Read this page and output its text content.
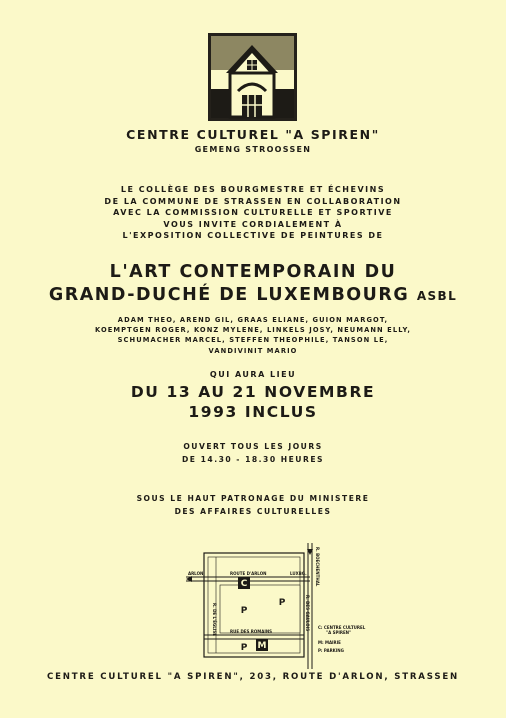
CENTRE CULTUREL "A SPIREN"
GEMENG STROOSSEN
LE COLLÈGE DES BOURGMESTRE ET ÉCHEVINS
DE LA COMMUNE DE STRASSEN EN COLLABORATION
AVEC LA COMMISSION CULTURELLE ET SPORTIVE
VOUS INVITE CORDIALEMENT À
L'EXPOSITION COLLECTIVE DE PEINTURES DE
L'ART CONTEMPORAIN DU
GRAND-DUCHÉ DE LUXEMBOURG ASBL
ADAM THEO, AREND GIL, GRAAS ELIANE, GUION MARGOT,
KOEMPTGEN ROGER, KONZ MYLENE, LINKELS JOSY, NEUMANN ELLY,
SCHUMACHER MARCEL, STEFFEN THEOPHILE, TANSON LE,
VANDIVINIT MARIO
QUI AURA LIEU
DU 13 AU 21 NOVEMBRE
1993 INCLUS
OUVERT TOUS LES JOURS
DE 14.30 - 18.30 HEURES
SOUS LE HAUT PATRONAGE DU MINISTERE
DES AFFAIRES CULTURELLES
C
P
P
P M
ARLON	ROUTE D'ARLON	LUXBG.
RUE DES ROMAINS
R. DE L'ÉGLISE	R. DES GAULOIS
R. BOECHENTHAL
C: CENTRE CULTUREL
"A SPIREN"
M: MAIRIE
P: PARKING
CENTRE CULTUREL "A SPIREN", 203, ROUTE D'ARLON, STRASSEN
